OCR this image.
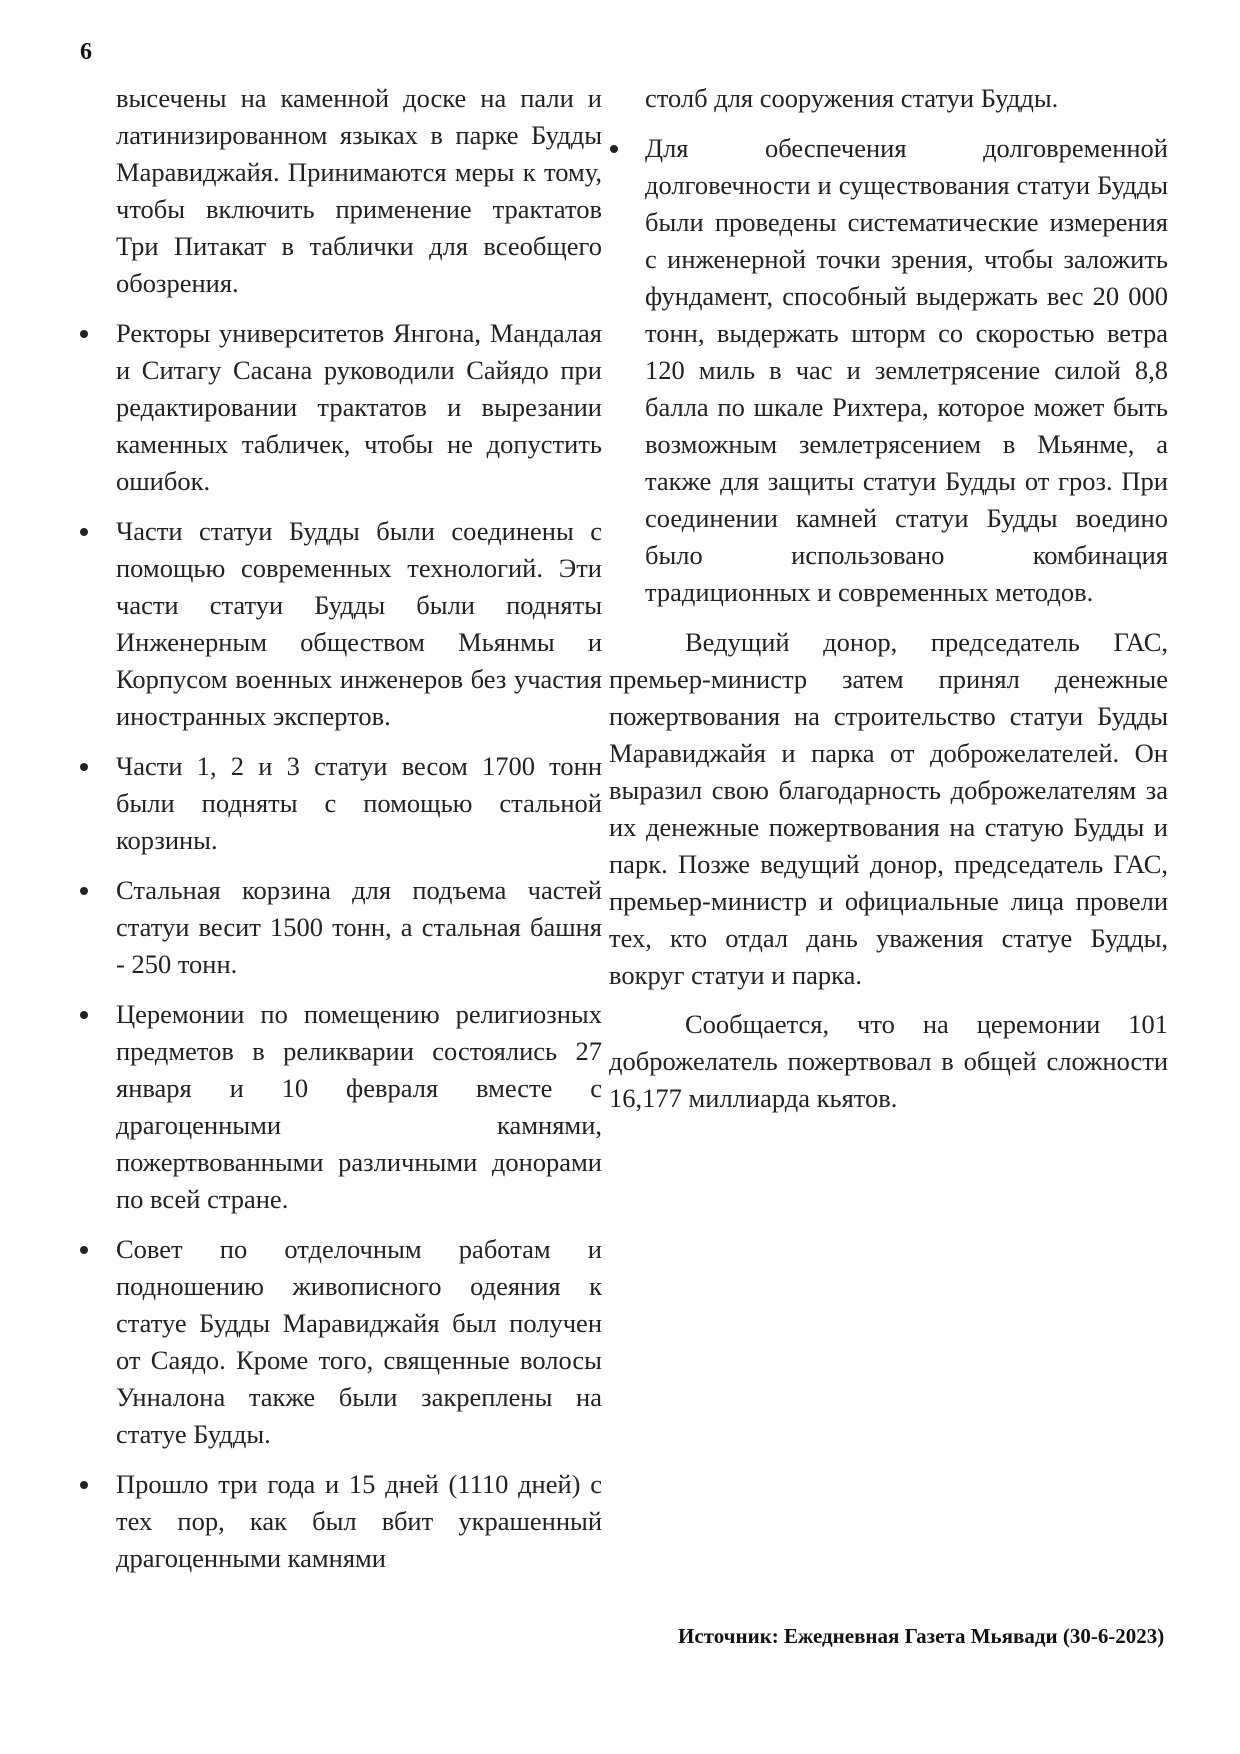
6

высечены на каменной доске на пали и латинизированном языках в парке Будды Маравиджайя. Принимаются меры к тому, чтобы включить применение трактатов Три Питакат в таблички для всеобщего обозрения.

Ректоры университетов Янгона, Мандалая и Ситагу Сасана руководили Сайядо при редактировании трактатов и вырезании каменных табличек, чтобы не допустить ошибок.
Части статуи Будды были соединены с помощью современных технологий. Эти части статуи Будды были подняты Инженерным обществом Мьянмы и Корпусом военных инженеров без участия иностранных экспертов.
Части 1, 2 и 3 статуи весом 1700 тонн были подняты с помощью стальной корзины.
Стальная корзина для подъема частей статуи весит 1500 тонн, а стальная башня - 250 тонн.
Церемонии по помещению религиозных предметов в реликварии состоялись 27 января и 10 февраля вместе с драгоценными камнями, пожертвованными различными донорами по всей стране.
Совет по отделочным работам и подношению живописного одеяния к статуе Будды Маравиджайя был получен от Саядо. Кроме того, священные волосы Унналона также были закреплены на статуе Будды.
Прошло три года и 15 дней (1110 дней) с тех пор, как был вбит украшенный драгоценными камнями

столб для сооружения статуи Будды.

Для обеспечения долговременной долговечности и существования статуи Будды были проведены систематические измерения с инженерной точки зрения, чтобы заложить фундамент, способный выдержать вес 20 000 тонн, выдержать шторм со скоростью ветра 120 миль в час и землетрясение силой 8,8 балла по шкале Рихтера, которое может быть возможным землетрясением в Мьянме, а также для защиты статуи Будды от гроз. При соединении камней статуи Будды воедино было использовано комбинация традиционных и современных методов.

Ведущий донор, председатель ГАС, премьер-министр затем принял денежные пожертвования на строительство статуи Будды Маравиджайя и парка от доброжелателей. Он выразил свою благодарность доброжелателям за их денежные пожертвования на статую Будды и парк. Позже ведущий донор, председатель ГАС, премьер-министр и официальные лица провели тех, кто отдал дань уважения статуе Будды, вокруг статуи и парка.

Сообщается, что на церемонии 101 доброжелатель пожертвовал в общей сложности 16,177 миллиарда кьятов.

Источник: Ежедневная Газета Мьявади (30-6-2023)
